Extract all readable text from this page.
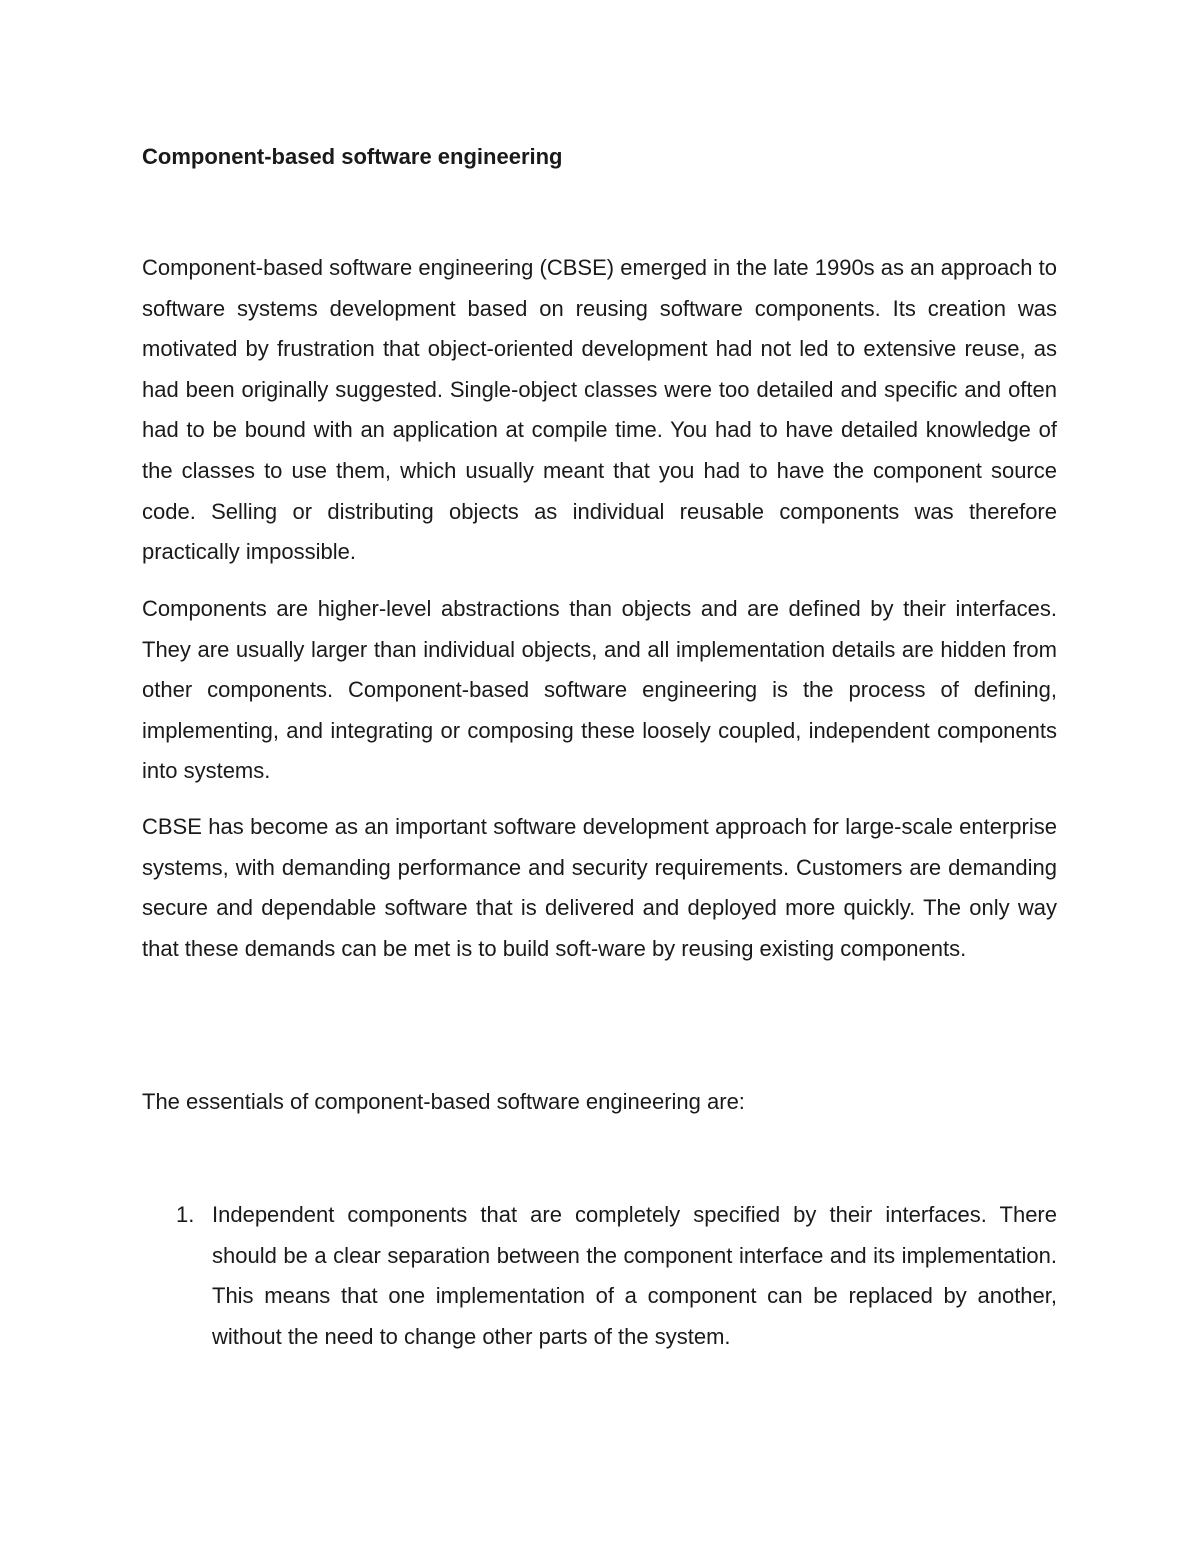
Component-based software engineering

Component-based software engineering (CBSE) emerged in the late 1990s as an approach to software systems development based on reusing software components. Its creation was motivated by frustration that object-oriented development had not led to extensive reuse, as had been originally suggested. Single-object classes were too detailed and specific and often had to be bound with an application at compile time. You had to have detailed knowledge of the classes to use them, which usually meant that you had to have the component source code. Selling or distributing objects as individual reusable components was therefore practically impossible.

Components are higher-level abstractions than objects and are defined by their interfaces. They are usually larger than individual objects, and all implementation details are hidden from other components. Component-based software engineering is the process of defining, implementing, and integrating or composing these loosely coupled, independent components into systems.

CBSE has become as an important software development approach for large-scale enterprise systems, with demanding performance and security requirements. Customers are demanding secure and dependable software that is delivered and deployed more quickly. The only way that these demands can be met is to build soft-ware by reusing existing components.

The essentials of component-based software engineering are:

1. Independent components that are completely specified by their interfaces. There should be a clear separation between the component interface and its implementation. This means that one implementation of a component can be replaced by another, without the need to change other parts of the system.
